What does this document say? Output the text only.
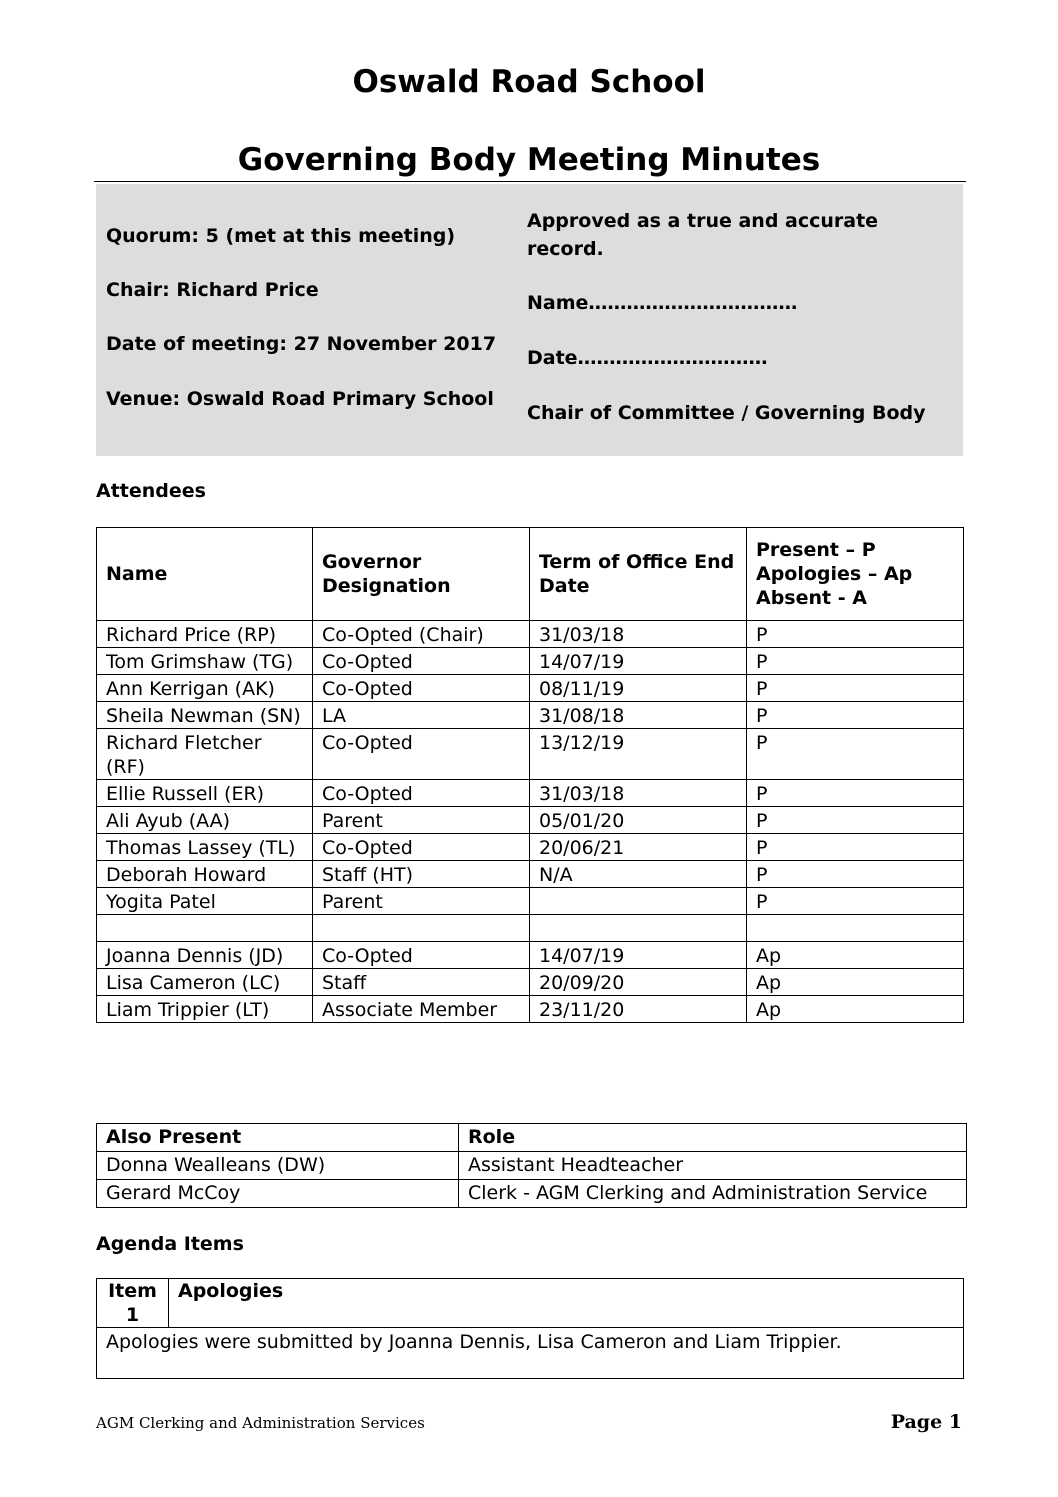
Oswald Road School
Governing Body Meeting Minutes
Quorum: 5 (met at this meeting)
Chair: Richard Price
Date of meeting: 27 November 2017
Venue: Oswald Road Primary School
Approved as a true and accurate record.
Name……………………………
Date…………………………
Chair of Committee / Governing Body
Attendees
Name	Governor Designation	Term of Office End Date	Present – P
Apologies – Ap
Absent - A
Richard Price (RP)	Co-Opted (Chair)	31/03/18	P
Tom Grimshaw (TG)	Co-Opted	14/07/19	P
Ann Kerrigan (AK)	Co-Opted	08/11/19	P
Sheila Newman (SN)	LA	31/08/18	P
Richard Fletcher (RF)	Co-Opted	13/12/19	P
Ellie Russell (ER)	Co-Opted	31/03/18	P
Ali Ayub (AA)	Parent	05/01/20	P
Thomas Lassey (TL)	Co-Opted	20/06/21	P
Deborah Howard	Staff (HT)	N/A	P
Yogita Patel	Parent		P

Joanna Dennis (JD)	Co-Opted	14/07/19	Ap
Lisa Cameron (LC)	Staff	20/09/20	Ap
Liam Trippier (LT)	Associate Member	23/11/20	Ap
Also Present	Role
Donna Wealleans (DW)	Assistant Headteacher
Gerard McCoy	Clerk - AGM Clerking and Administration Service
Agenda Items
Item 1	Apologies
Apologies were submitted by Joanna Dennis, Lisa Cameron and Liam Trippier.
AGM Clerking and Administration Services	Page 1
